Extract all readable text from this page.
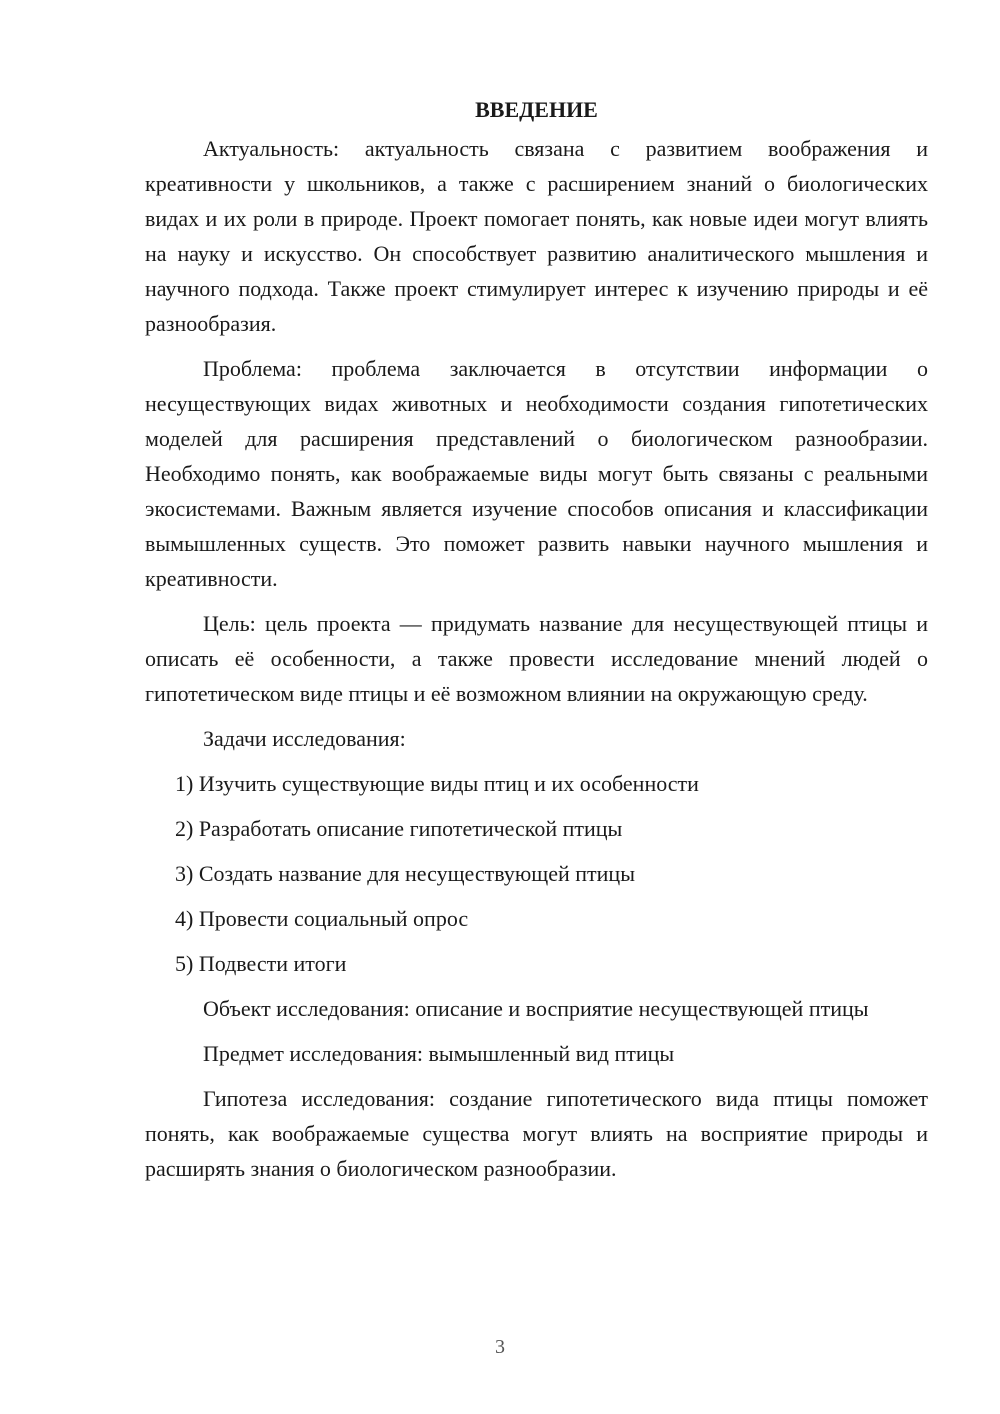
ВВЕДЕНИЕ

Актуальность: актуальность связана с развитием воображения и креативности у школьников, а также с расширением знаний о биологических видах и их роли в природе. Проект помогает понять, как новые идеи могут влиять на науку и искусство. Он способствует развитию аналитического мышления и научного подхода. Также проект стимулирует интерес к изучению природы и её разнообразия.

Проблема: проблема заключается в отсутствии информации о несуществующих видах животных и необходимости создания гипотетических моделей для расширения представлений о биологическом разнообразии. Необходимо понять, как воображаемые виды могут быть связаны с реальными экосистемами. Важным является изучение способов описания и классификации вымышленных существ. Это поможет развить навыки научного мышления и креативности.

Цель: цель проекта — придумать название для несуществующей птицы и описать её особенности, а также провести исследование мнений людей о гипотетическом виде птицы и её возможном влиянии на окружающую среду.

Задачи исследования:

1) Изучить существующие виды птиц и их особенности
2) Разработать описание гипотетической птицы
3) Создать название для несуществующей птицы
4) Провести социальный опрос
5) Подвести итоги

Объект исследования: описание и восприятие несуществующей птицы

Предмет исследования: вымышленный вид птицы

Гипотеза исследования: создание гипотетического вида птицы поможет понять, как воображаемые существа могут влиять на восприятие природы и расширять знания о биологическом разнообразии.

3
